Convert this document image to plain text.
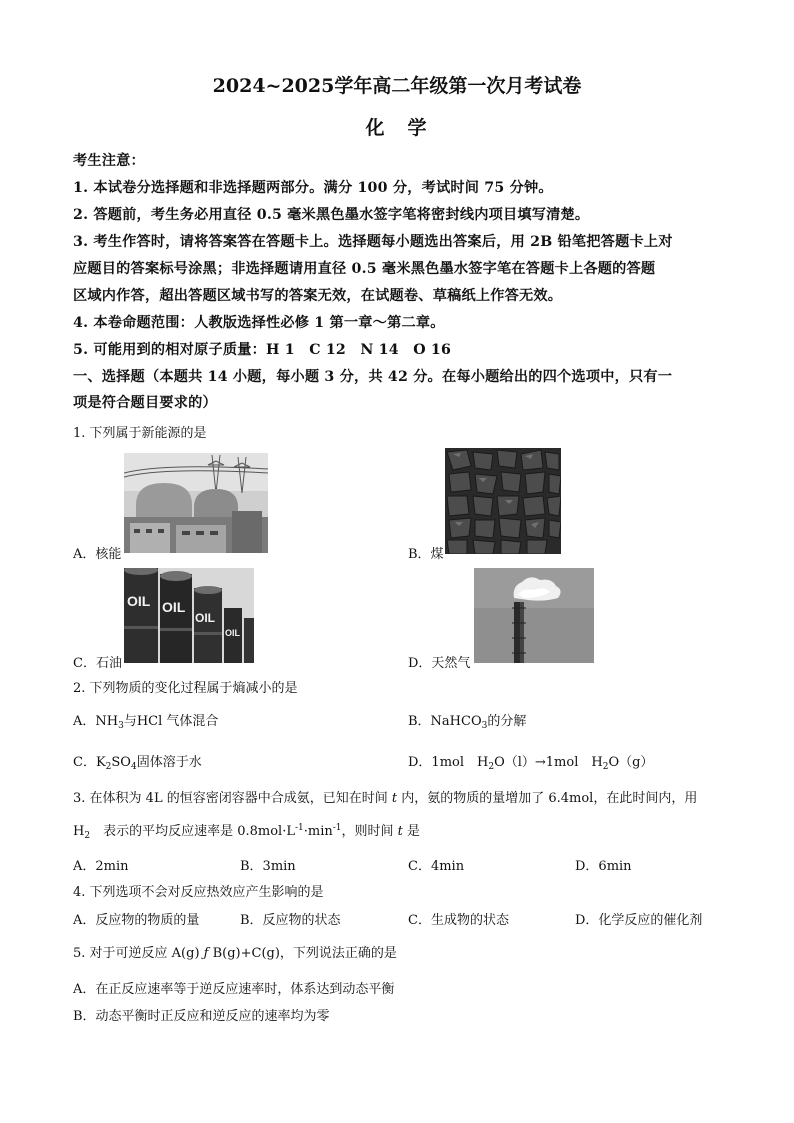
2024~2025学年高二年级第一次月考试卷
化　学
考生注意：
1. 本试卷分选择题和非选择题两部分。满分 100 分，考试时间 75 分钟。
2. 答题前，考生务必用直径 0.5 毫米黑色墨水签字笔将密封线内项目填写清楚。
3. 考生作答时，请将答案答在答题卡上。选择题每小题选出答案后，用 2B 铅笔把答题卡上对
应题目的答案标号涂黑；非选择题请用直径 0.5 毫米黑色墨水签字笔在答题卡上各题的答题
区域内作答，超出答题区域书写的答案无效，在试题卷、草稿纸上作答无效。
4. 本卷命题范围：人教版选择性必修 1 第一章～第二章。
5. 可能用到的相对原子质量：H 1　C 12　N 14　O 16
一、选择题（本题共 14 小题，每小题 3 分，共 42 分。在每小题给出的四个选项中，只有一
项是符合题目要求的）
1. 下列属于新能源的是
A．核能	B．煤
OIL OIL
OIL
OIL
C．石油	D．天然气
2. 下列物质的变化过程属于熵减小的是
A．$NH_3$与HCl 气体混合	B．NaHCO$_3$的分解
C．$K_2SO_4$固体溶于水	D．1mol　$H_2O(l)\to 1mol$　$H_2O(g)$
3. 在体积为 4L 的恒容密闭容器中合成氨，已知在时间 t 内，氨的物质的量增加了 6.4mol，在此时间内，用
$H_2$　表示的平均反应速率是 $0.8mol\cdot L^{-1}\cdot\min^{-1}$，则时间 t 是
A．2min	B．3min	C．4min	D．6min
4. 下列选项不会对反应热效应产生影响的是
A．反应物的物质的量	B．反应物的状态	C．生成物的状态	D．化学反应的催化剂
5. 对于可逆反应 A(g) ƒ B(g)+C(g)，下列说法正确的是
A．在正反应速率等于逆反应速率时，体系达到动态平衡
B．动态平衡时正反应和逆反应的速率均为零
